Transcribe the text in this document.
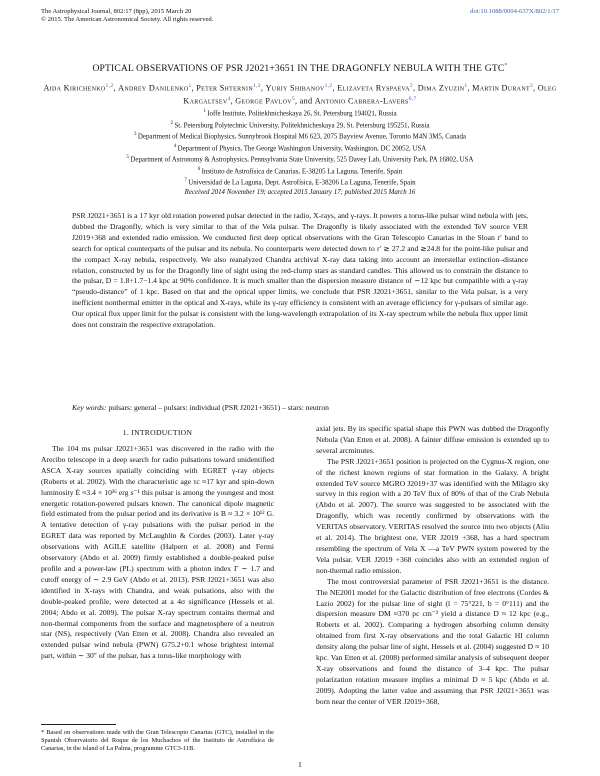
The Astrophysical Journal, 802:17 (8pp), 2015 March 20
© 2015. The American Astronomical Society. All rights reserved.
doi:10.1088/0004-637X/802/1/17
OPTICAL OBSERVATIONS OF PSR J2021+3651 IN THE DRAGONFLY NEBULA WITH THE GTC*
Aida Kirichenko$^{1,2}$, Andrey Danilenko$^1$, Peter Shternin$^{1,2}$, Yuriy Shibanov$^{1,2}$, Elizaveta Ryspaeva$^2$, Dima Zyuzin$^1$, Martin Durant$^3$, Oleg Kargaltsev$^4$, George Pavlov$^5$, and Antonio Cabrera-Lavers$^{6,7}$
$^1$ Ioffe Institute, Politekhnicheskaya 26, St. Petersburg 194021, Russia
$^2$ St. Petersburg Polytechnic University, Politekhnicheskaya 29, St. Petersburg 195251, Russia
$^3$ Department of Medical Biophysics, Sunnybrook Hospital M6 623, 2075 Bayview Avenue, Toronto M4N 3M5, Canada
$^4$ Department of Physics, The George Washington University, Washington, DC 20052, USA
$^5$ Department of Astronomy & Astrophysics, Pennsylvania State University, 525 Davey Lab, University Park, PA 16802, USA
$^6$ Instituto de Astrofísica de Canarias, E-38205 La Laguna, Tenerife, Spain
$^7$ Universidad de La Laguna, Dept. Astrofísica, E-38206 La Laguna, Tenerife, Spain
Received 2014 November 19; accepted 2015 January 17; published 2015 March 16
PSR J2021+3651 is a 17 kyr old rotation powered pulsar detected in the radio, X-rays, and γ-rays. It powers a torus-like pulsar wind nebula with jets, dubbed the Dragonfly, which is very similar to that of the Vela pulsar. The Dragonfly is likely associated with the extended TeV source VER J2019+368 and extended radio emission. We conducted first deep optical observations with the Gran Telescopio Canarias in the Sloan r′ band to search for optical counterparts of the pulsar and its nebula. No counterparts were detected down to r′ ≳ 27.2 and ≳24.8 for the point-like pulsar and the compact X-ray nebula, respectively. We also reanalyzed Chandra archival X-ray data taking into account an interstellar extinction–distance relation, constructed by us for the Dragonfly line of sight using the red-clump stars as standard candles. This allowed us to constrain the distance to the pulsar, D = 1.8+1.7−1.4 kpc at 90% confidence. It is much smaller than the dispersion measure distance of ∼12 kpc but compatible with a γ-ray “pseudo-distance” of 1 kpc. Based on that and the optical upper limits, we conclude that PSR J2021+3651, similar to the Vela pulsar, is a very inefficient nonthermal emitter in the optical and X-rays, while its γ-ray efficiency is consistent with an average efficiency for γ-pulsars of similar age. Our optical flux upper limit for the pulsar is consistent with the long-wavelength extrapolation of its X-ray spectrum while the nebula flux upper limit does not constrain the respective extrapolation.
Key words: pulsars: general – pulsars: individual (PSR J2021+3651) – stars: neutron
1. INTRODUCTION

The 104 ms pulsar J2021+3651 was discovered in the radio with the Arecibo telescope in a deep search for radio pulsations toward unidentified ASCA X-ray sources spatially coinciding with EGRET γ-ray objects (Roberts et al. 2002). With the characteristic age τc ≈17 kyr and spin-down luminosity Ė ≈3.4 × 10³⁶ erg s⁻¹ this pulsar is among the youngest and most energetic rotation-powered pulsars known. The canonical dipole magnetic field estimated from the pulsar period and its derivative is B ≈ 3.2 × 10¹² G. A tentative detection of γ-ray pulsations with the pulsar period in the EGRET data was reported by McLaughlin & Cordes (2003). Later γ-ray observations with AGILE satellite (Halpern et al. 2008) and Fermi observatory (Abdo et al. 2009) firmly established a double-peaked pulse profile and a power-law (PL) spectrum with a photon index Γ ∼ 1.7 and cutoff energy of ∼ 2.9 GeV (Abdo et al. 2013). PSR J2021+3651 was also identified in X-rays with Chandra, and weak pulsations, also with the double-peaked profile, were detected at a 4σ significance (Hessels et al. 2004; Abdo et al. 2009). The pulsar X-ray spectrum contains thermal and non-thermal components from the surface and magnetosphere of a neutron star (NS), respectively (Van Etten et al. 2008). Chandra also revealed an extended pulsar wind nebula (PWN) G75.2+0.1 whose brightest internal part, within ∼ 30″ of the pulsar, has a torus-like morphology with

axial jets. By its specific spatial shape this PWN was dubbed the Dragonfly Nebula (Van Etten et al. 2008). A fainter diffuse emission is extended up to several arcminutes.

The PSR J2021+3651 position is projected on the Cygnus-X region, one of the richest known regions of star formation in the Galaxy. A bright extended TeV source MGRO J2019+37 was identified with the Milagro sky survey in this region with a 20 TeV flux of 80% of that of the Crab Nebula (Abdo et al. 2007). The source was suggested to be associated with the Dragonfly, which was recently confirmed by observations with the VERITAS observatory. VERITAS resolved the source into two objects (Aliu et al. 2014). The brightest one, VER J2019 +368, has a hard spectrum resembling the spectrum of Vela X —a TeV PWN system powered by the Vela pulsar. VER J2019 +368 coincides also with an extended region of non-thermal radio emission.

The most controversial parameter of PSR J2021+3651 is the distance. The NE2001 model for the Galactic distribution of free electrons (Cordes & Lazio 2002) for the pulsar line of sight (l = 75°221, b = 0°111) and the dispersion measure DM ≈370 pc cm⁻³ yield a distance D ≈ 12 kpc (e.g., Roberts et al. 2002). Comparing a hydrogen absorbing column density obtained from first X-ray observations and the total Galactic HI column density along the pulsar line of sight, Hessels et al. (2004) suggested D ≈ 10 kpc. Van Etten et al. (2008) performed similar analysis of subsequent deeper X-ray observations and found the distance of 3–4 kpc. The pulsar polarization rotation measure implies a minimal D ≈ 5 kpc (Abdo et al. 2009). Adopting the latter value and assuming that PSR J2021+3651 was born near the center of VER J2019+368,

* Based on observations made with the Gran Telescopio Canarias (GTC), installed in the Spanish Observatorio del Roque de los Muchachos of the Instituto de Astrofísica de Canarias, in the island of La Palma, programme GTC3-11B.
1
